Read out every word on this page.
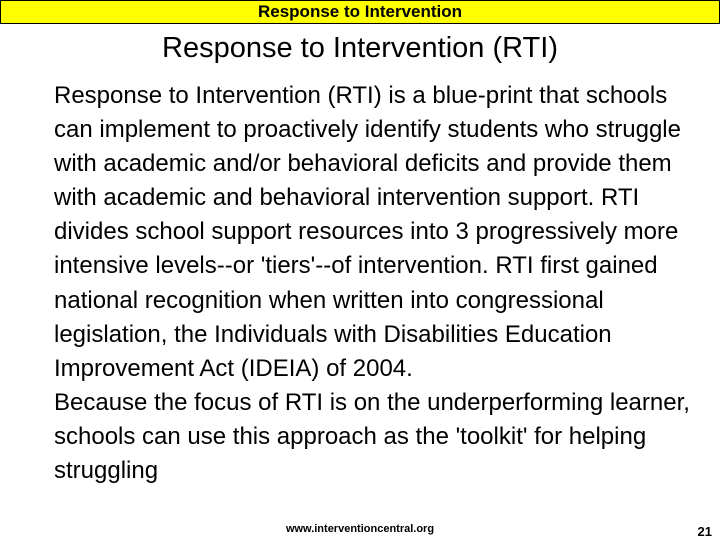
Response to Intervention
Response to Intervention (RTI)

Response to Intervention (RTI) is a blue-print that schools can implement to proactively identify students who struggle with academic and/or behavioral deficits and provide them with academic and behavioral intervention support. RTI divides school support resources into 3 progressively more intensive levels--or 'tiers'--of intervention. RTI first gained national recognition when written into congressional legislation, the Individuals with Disabilities Education Improvement Act (IDEIA) of 2004.

Because the focus of RTI is on the underperforming learner, schools can use this approach as the 'toolkit' for helping struggling

www.interventioncentral.org	21
